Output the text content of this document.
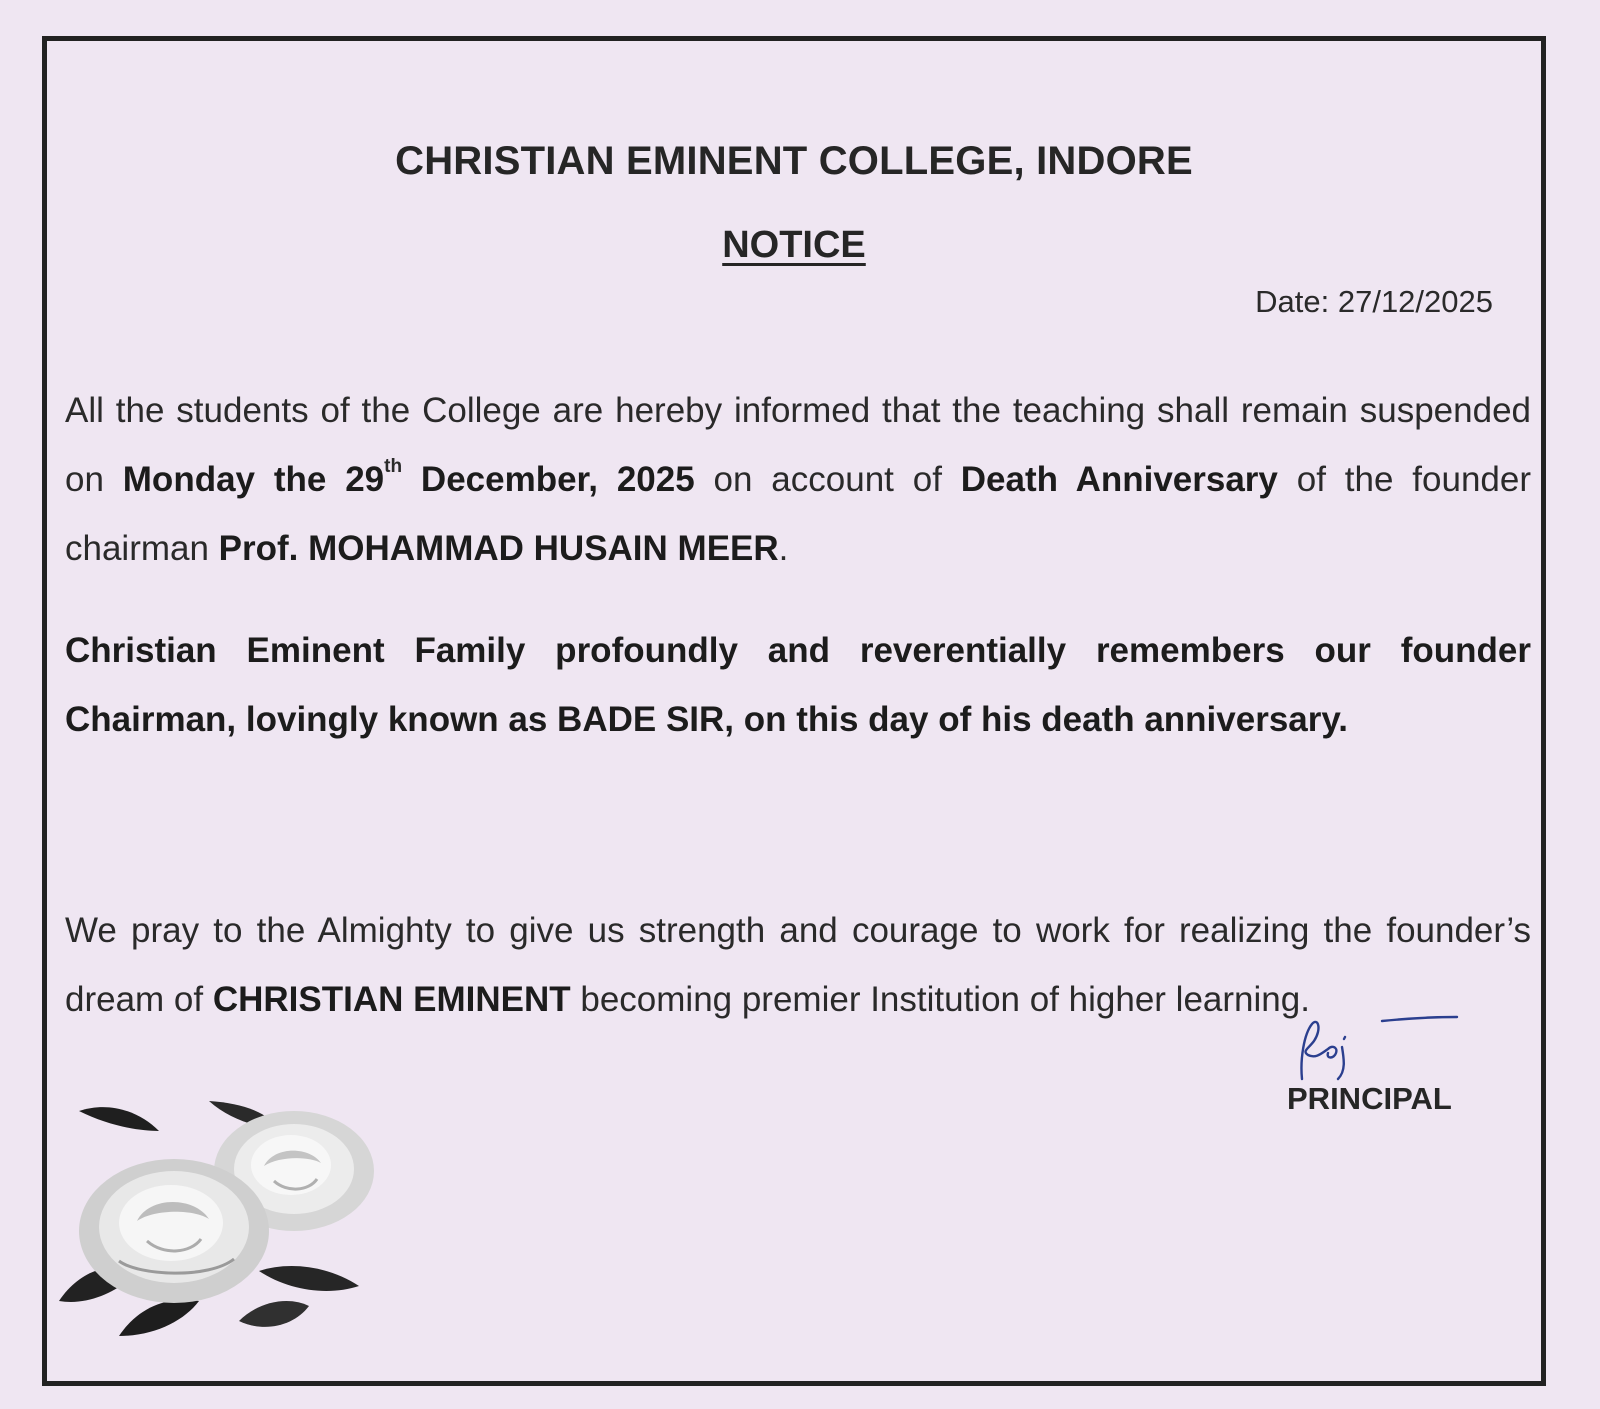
CHRISTIAN EMINENT COLLEGE, INDORE
NOTICE
Date: 27/12/2025
All the students of the College are hereby informed that the teaching shall remain suspended on Monday the 29th December, 2025 on account of Death Anniversary of the founder chairman Prof. MOHAMMAD HUSAIN MEER.
Christian Eminent Family profoundly and reverentially remembers our founder Chairman, lovingly known as BADE SIR, on this day of his death anniversary.
We pray to the Almighty to give us strength and courage to work for realizing the founder’s dream of CHRISTIAN EMINENT becoming premier Institution of higher learning.
PRINCIPAL
